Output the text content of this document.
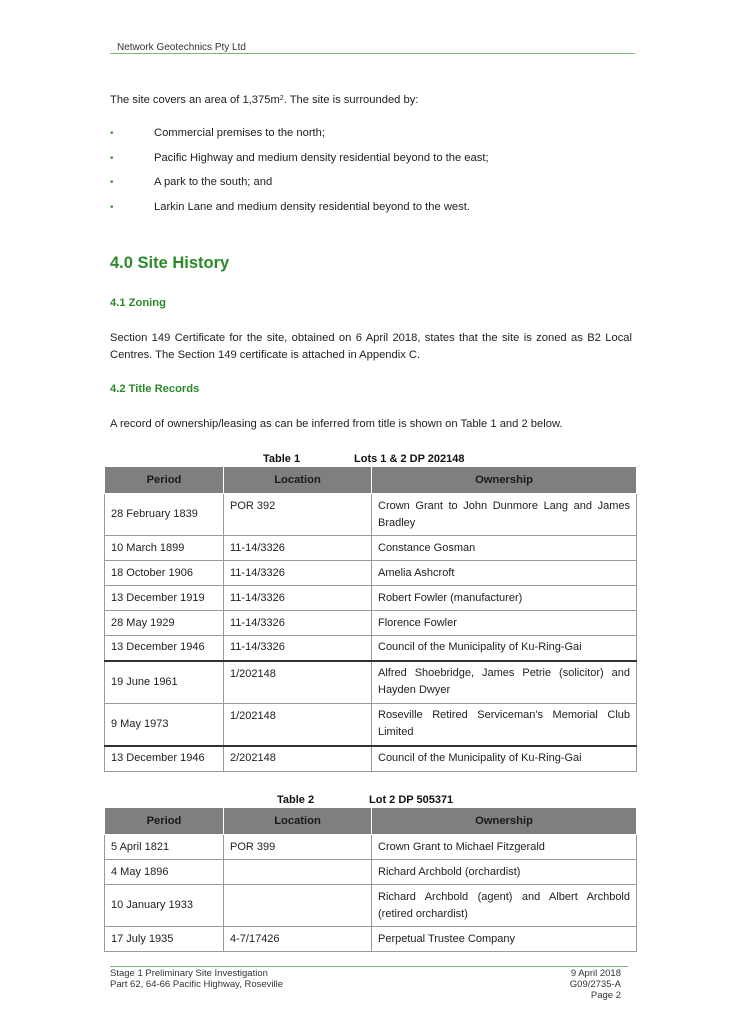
Network Geotechnics Pty Ltd
The site covers an area of $1,375m^2$. The site is surrounded by:
•	Commercial premises to the north;
•	Pacific Highway and medium density residential beyond to the east;
•	A park to the south; and
•	Larkin Lane and medium density residential beyond to the west.
4.0 Site History
4.1 Zoning
Section 149 Certificate for the site, obtained on 6 April 2018, states that the site is zoned as B2 Local Centres. The Section 149 certificate is attached in Appendix C.
4.2 Title Records
A record of ownership/leasing as can be inferred from title is shown on Table 1 and 2 below.
Table 1	Lots 1 & 2 DP 202148
Period	Location	Ownership
28 February 1839	POR 392	Crown Grant to John Dunmore Lang and James Bradley
10 March 1899	11-14/3326	Constance Gosman
18 October 1906	11-14/3326	Amelia Ashcroft
13 December 1919	11-14/3326	Robert Fowler (manufacturer)
28 May 1929	11-14/3326	Florence Fowler
13 December 1946	11-14/3326	Council of the Municipality of Ku-Ring-Gai
19 June 1961	1/202148	Alfred Shoebridge, James Petrie (solicitor) and Hayden Dwyer
9 May 1973	1/202148	Roseville Retired Serviceman's Memorial Club Limited
13 December 1946	2/202148	Council of the Municipality of Ku-Ring-Gai
Table 2	Lot 2 DP 505371
Period	Location	Ownership
5 April 1821	POR 399	Crown Grant to Michael Fitzgerald
4 May 1896		Richard Archbold (orchardist)
10 January 1933		Richard Archbold (agent) and Albert Archbold (retired orchardist)
17 July 1935	4-7/17426	Perpetual Trustee Company
Stage 1 Preliminary Site Investigation
Part 62, 64-66 Pacific Highway, Roseville
9 April 2018
G09/2735-A
Page 2
